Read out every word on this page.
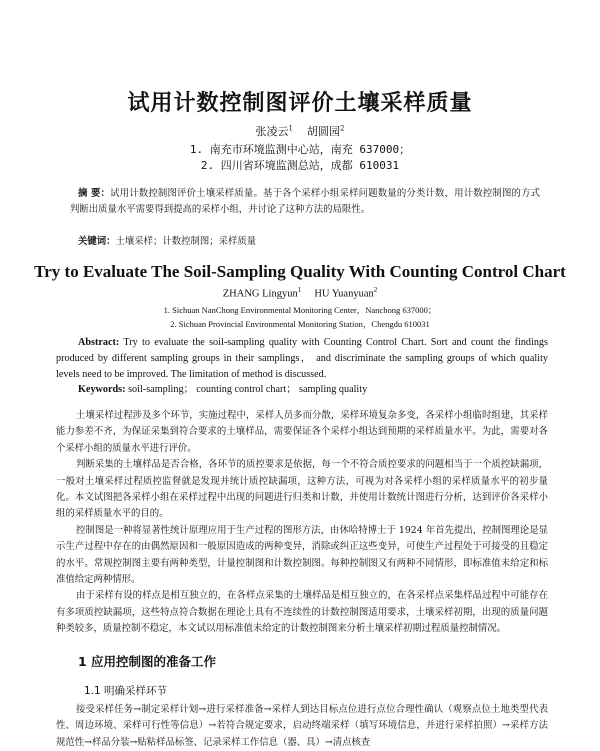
试用计数控制图评价土壤采样质量
张凌云$^1$ 胡圆园$^2$
1. 南充市环境监测中心站，南充 637000；
2. 四川省环境监测总站，成都 610031
摘 要：试用计数控制图评价土壤采样质量。基于各个采样小组采样问题数量的分类计数，用计数控制图的方式判断出质量水平需要得到提高的采样小组，并讨论了这种方法的局限性。
关键词：土壤采样；计数控制图；采样质量
Try to Evaluate The Soil-Sampling Quality With Counting Control Chart
ZHANG Lingyun$^1$ HU Yuanyuan$^2$
1. Sichuan NanChong Environmental Monitoring Center，Nanchong 637000；
2. Sichuan Provincial Environmental Monitoring Station，Chengdu 610031
Abstract: Try to evaluate the soil-sampling quality with Counting Control Chart. Sort and count the findings produced by different sampling groups in their samplings， and discriminate the sampling groups of which quality levels need to be improved. The limitation of method is discussed.
Keywords: soil-sampling； counting control chart； sampling quality

土壤采样过程涉及多个环节，实施过程中，采样人员多而分散，采样环境复杂多变，各采样小组临时组建，其采样能力参差不齐，为保证采集到符合要求的土壤样品，需要保证各个采样小组达到预期的采样质量水平。为此，需要对各个采样小组的质量水平进行评价。

判断采集的土壤样品是否合格，各环节的质控要求是依据，每一个不符合质控要求的问题相当于一个质控缺漏项，一般对土壤采样过程质控监督就是发现并统计质控缺漏项，这种方法，可视为对各采样小组的采样质量水平的初步量化。本文试图把各采样小组在采样过程中出现的问题进行归类和计数，并使用计数统计图进行分析，达到评价各采样小组的采样质量水平的目的。

控制图是一种将显著性统计原理应用于生产过程的图形方法，由休哈特博士于 1924 年首先提出，控制图理论是显示生产过程中存在的由偶然原因和一般原因造成的两种变异，消除或纠正这些变异，可使生产过程处于可接受的且稳定的水平。常规控制图主要有两种类型，计量控制图和计数控制图。每种控制图又有两种不同情形，即标准值未给定和标准值给定两种情形。

由于采样有设的样点是相互独立的，在各样点采集的土壤样品是相互独立的，在各采样点采集样品过程中可能存在有多项质控缺漏项，这些特点符合数据在理论上具有不连续性的计数控制图适用要求，土壤采样初期，出现的质量问题种类较多，质量控制不稳定，本文试以用标准值未给定的计数控制图来分析土壤采样初期过程质量控制情况。

1 应用控制图的准备工作
1.1 明确采样环节

接受采样任务→制定采样计划→进行采样准备→采样人到达目标点位进行点位合理性确认（观察点位土地类型代表性、周边环境、采样可行性等信息）→若符合规定要求，启动终端采样（填写环境信息，并进行采样拍照）→采样方法规范性→样品分装→贴粘样品标签、记录采样工作信息（器、具）→清点核查
